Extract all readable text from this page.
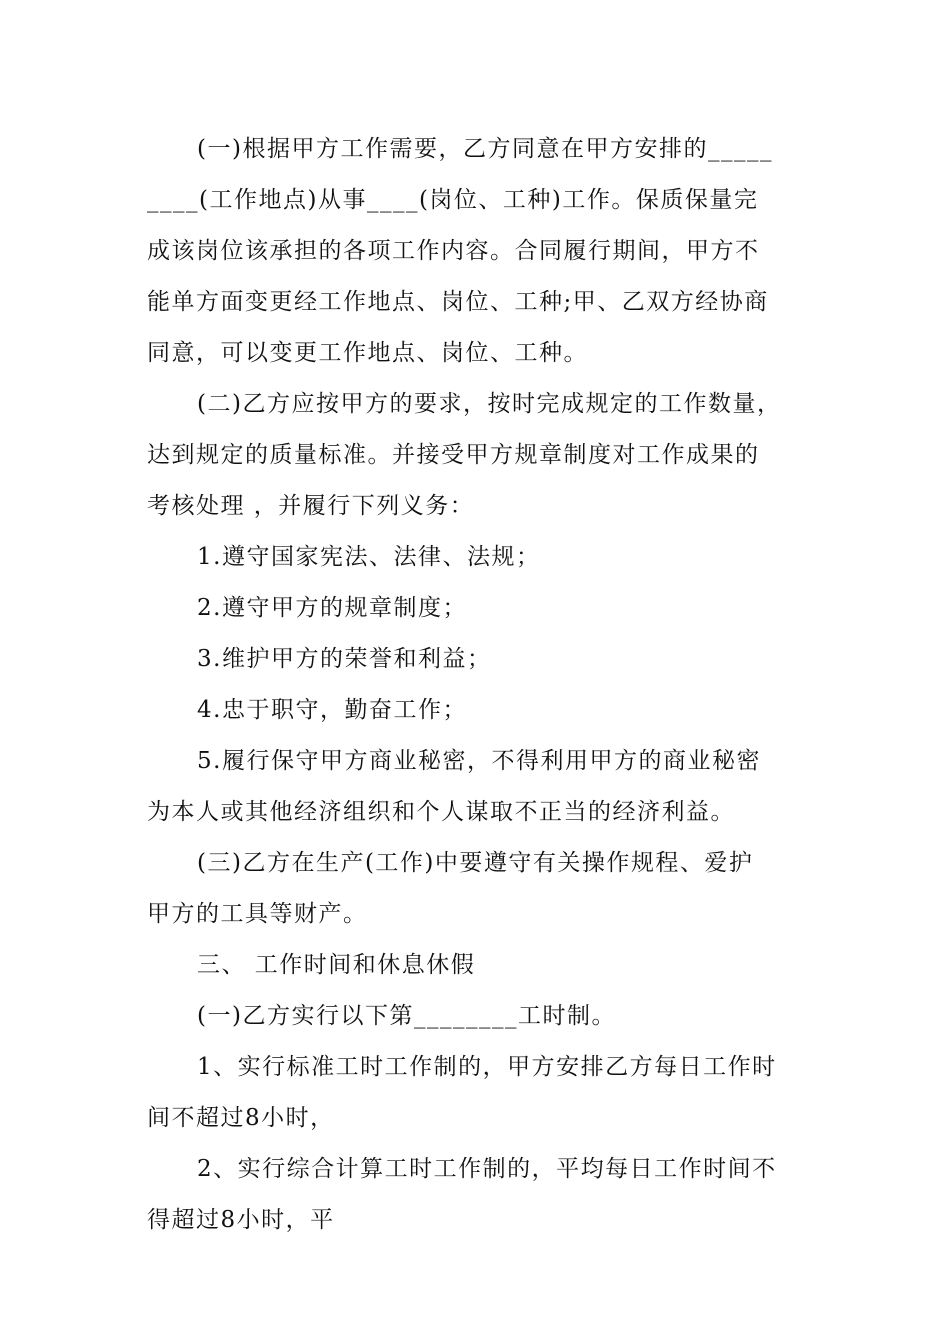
(一)根据甲方工作需要，乙方同意在甲方安排的_____
____(工作地点)从事____(岗位、工种)工作。保质保量完
成该岗位该承担的各项工作内容。合同履行期间，甲方不
能单方面变更经工作地点、岗位、工种;甲、乙双方经协商
同意，可以变更工作地点、岗位、工种。
(二)乙方应按甲方的要求，按时完成规定的工作数量，
达到规定的质量标准。并接受甲方规章制度对工作成果的
考核处理 ，并履行下列义务：
1.遵守国家宪法、法律、法规；
2.遵守甲方的规章制度；
3.维护甲方的荣誉和利益；
4.忠于职守，勤奋工作；
5.履行保守甲方商业秘密，不得利用甲方的商业秘密
为本人或其他经济组织和个人谋取不正当的经济利益。
(三)乙方在生产(工作)中要遵守有关操作规程、爱护
甲方的工具等财产。
三、 工作时间和休息休假
(一)乙方实行以下第________工时制。
1、实行标准工时工作制的，甲方安排乙方每日工作时
间不超过8小时，
2、实行综合计算工时工作制的，平均每日工作时间不
得超过8小时，平
